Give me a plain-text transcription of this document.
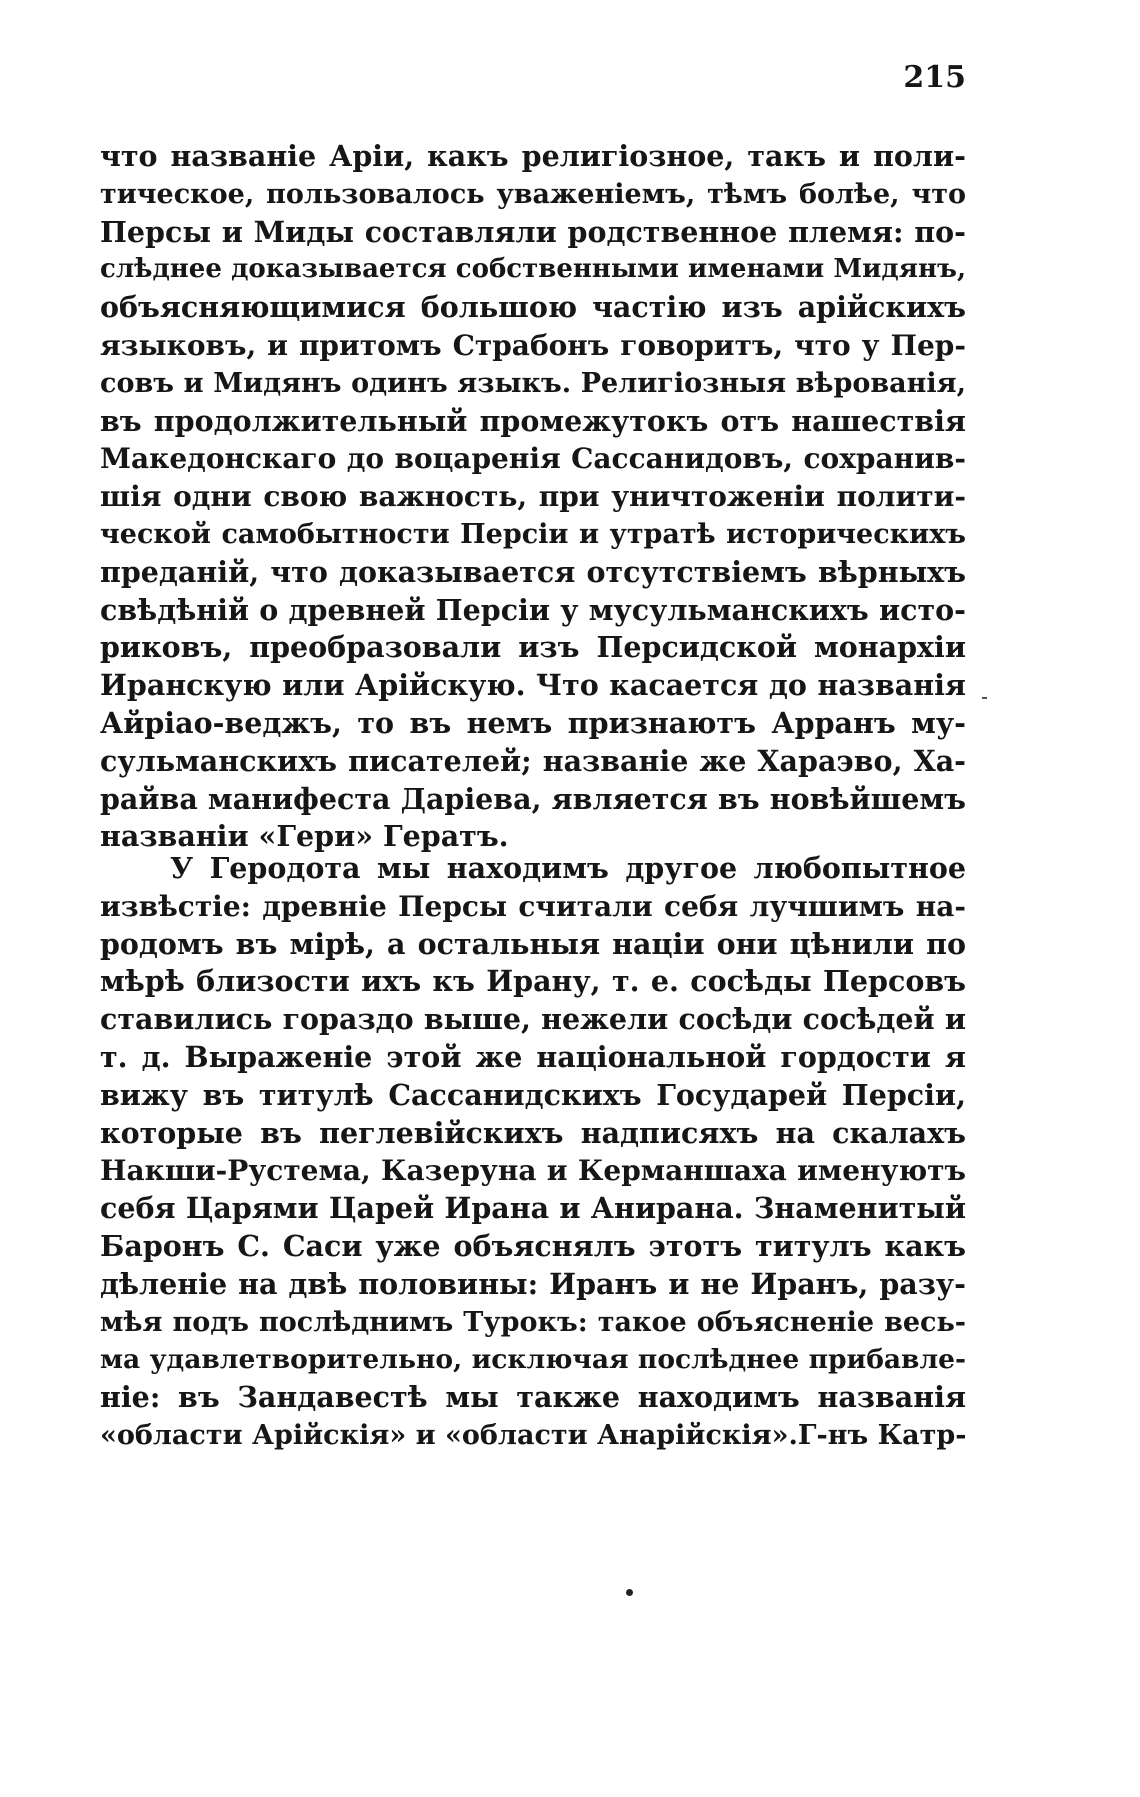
215
что названіе Аріи, какъ религіозное, такъ и поли-
тическое, пользовалось уваженіемъ, тѣмъ болѣе, что
Персы и Миды составляли родственное племя: по-
слѣднее доказывается собственными именами Мидянъ,
объясняющимися большою частію изъ арійскихъ
языковъ, и притомъ Страбонъ говоритъ, что у Пер-
совъ и Мидянъ одинъ языкъ. Религіозныя вѣрованія,
въ продолжительный промежутокъ отъ нашествія
Македонскаго до воцаренія Сассанидовъ, сохранив-
шія одни свою важность, при уничтоженіи полити-
ческой самобытности Персіи и утратѣ историческихъ
преданій, что доказывается отсутствіемъ вѣрныхъ
свѣдѣній о древней Персіи у мусульманскихъ исто-
риковъ, преобразовали изъ Персидской монархіи
Иранскую или Арійскую. Что касается до названія
Айріао-веджъ, то въ немъ признаютъ Арранъ му-
сульманскихъ писателей; названіе же Хараэво, Ха-
райва манифеста Даріева, является въ новѣйшемъ
названіи «Гери» Гератъ.
У Геродота мы находимъ другое любопытное
извѣстіе: древніе Персы считали себя лучшимъ на-
родомъ въ мірѣ, а остальныя націи они цѣнили по
мѣрѣ близости ихъ къ Ирану, т. е. сосѣды Персовъ
ставились гораздо выше, нежели сосѣди сосѣдей и
т. д. Выраженіе этой же національной гордости я
вижу въ титулѣ Сассанидскихъ Государей Персіи,
которые въ пеглевійскихъ надписяхъ на скалахъ
Накши-Рустема, Казеруна и Керманшаха именуютъ
себя Царями Царей Ирана и Анирана. Знаменитый
Баронъ С. Саси уже объяснялъ этотъ титулъ какъ
дѣленіе на двѣ половины: Иранъ и не Иранъ, разу-
мѣя подъ послѣднимъ Турокъ: такое объясненіе весь-
ма удавлетворительно, исключая послѣднее прибавле-
ніе: въ Зандавестѣ мы также находимъ названія
«области Арійскія» и «области Анарійскія».Г-нъ Катр-
